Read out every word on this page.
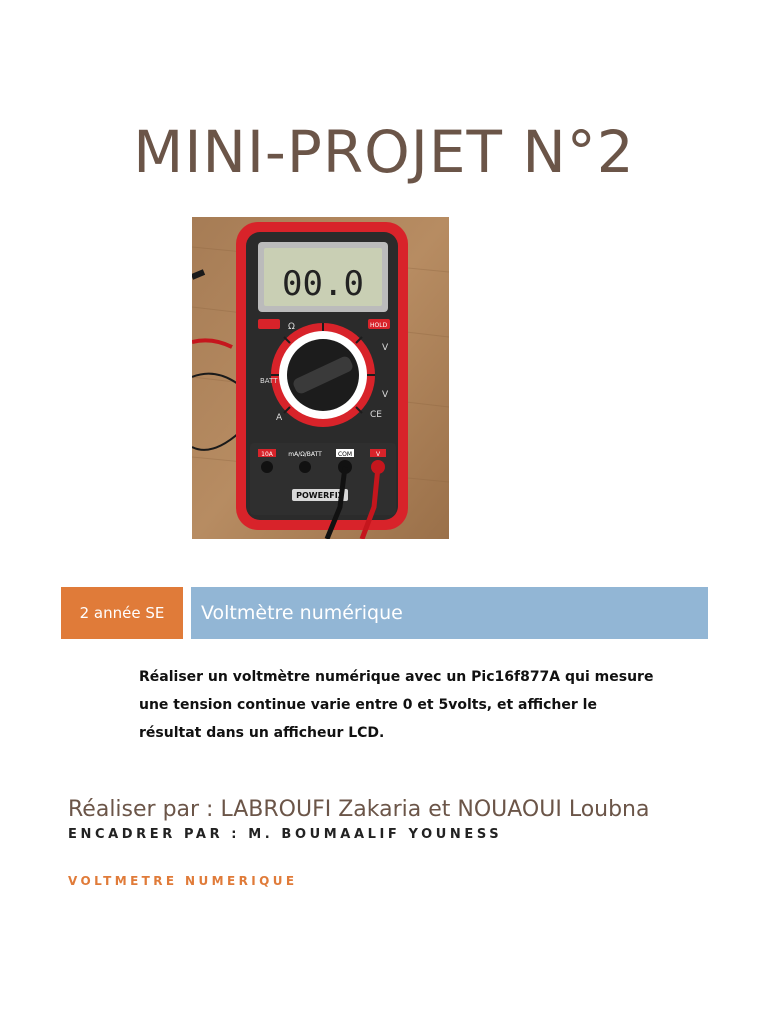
MINI-PROJET N°2
00.0
Ω
BATT
A
HOLD
V
V
CE
10A	mA/Ω/BATT	COM	V
POWERFIX
2 année SE	Voltmètre numérique
Réaliser un voltmètre numérique avec un Pic16f877A qui mesure une tension continue varie entre 0 et 5volts, et afficher le résultat dans un afficheur LCD.
Réaliser par : LABROUFI Zakaria et NOUAOUI Loubna
ENCADRER PAR : M. BOUMAALIF YOUNESS
VOLTMETRE NUMERIQUE
